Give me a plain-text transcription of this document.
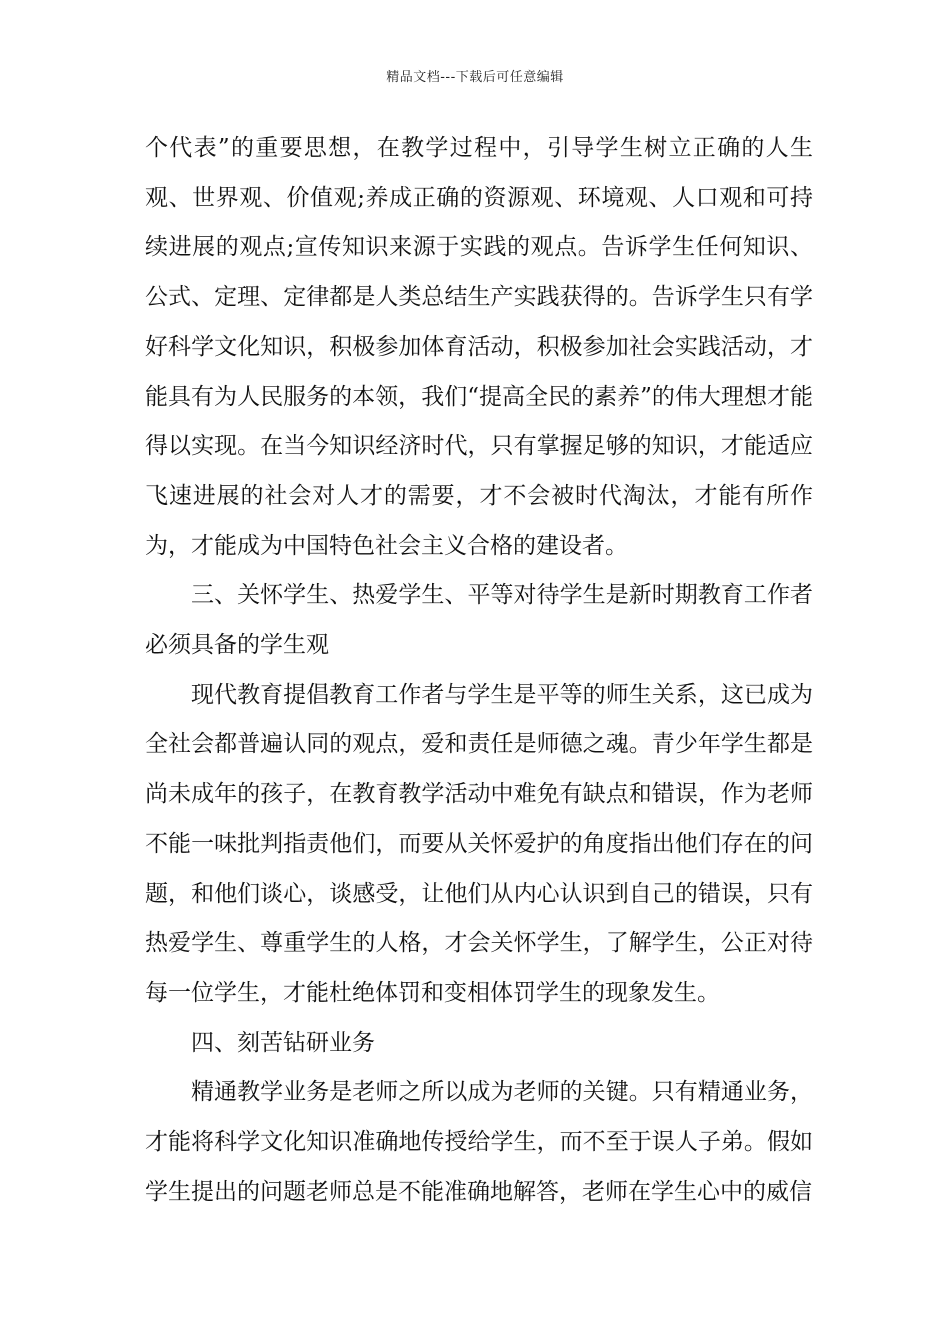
精品文档---下载后可任意编辑

个代表”的重要思想，在教学过程中，引导学生树立正确的人生观、世界观、价值观;养成正确的资源观、环境观、人口观和可持续进展的观点;宣传知识来源于实践的观点。告诉学生任何知识、公式、定理、定律都是人类总结生产实践获得的。告诉学生只有学好科学文化知识，积极参加体育活动，积极参加社会实践活动，才能具有为人民服务的本领，我们“提高全民的素养”的伟大理想才能得以实现。在当今知识经济时代，只有掌握足够的知识，才能适应飞速进展的社会对人才的需要，才不会被时代淘汰，才能有所作为，才能成为中国特色社会主义合格的建设者。

三、关怀学生、热爱学生、平等对待学生是新时期教育工作者必须具备的学生观

现代教育提倡教育工作者与学生是平等的师生关系，这已成为全社会都普遍认同的观点，爱和责任是师德之魂。青少年学生都是尚未成年的孩子，在教育教学活动中难免有缺点和错误，作为老师不能一味批判指责他们，而要从关怀爱护的角度指出他们存在的问题，和他们谈心，谈感受，让他们从内心认识到自己的错误，只有热爱学生、尊重学生的人格，才会关怀学生，了解学生，公正对待每一位学生，才能杜绝体罚和变相体罚学生的现象发生。

四、刻苦钻研业务

精通教学业务是老师之所以成为老师的关键。只有精通业务，才能将科学文化知识准确地传授给学生，而不至于误人子弟。假如学生提出的问题老师总是不能准确地解答，老师在学生心中的威信
